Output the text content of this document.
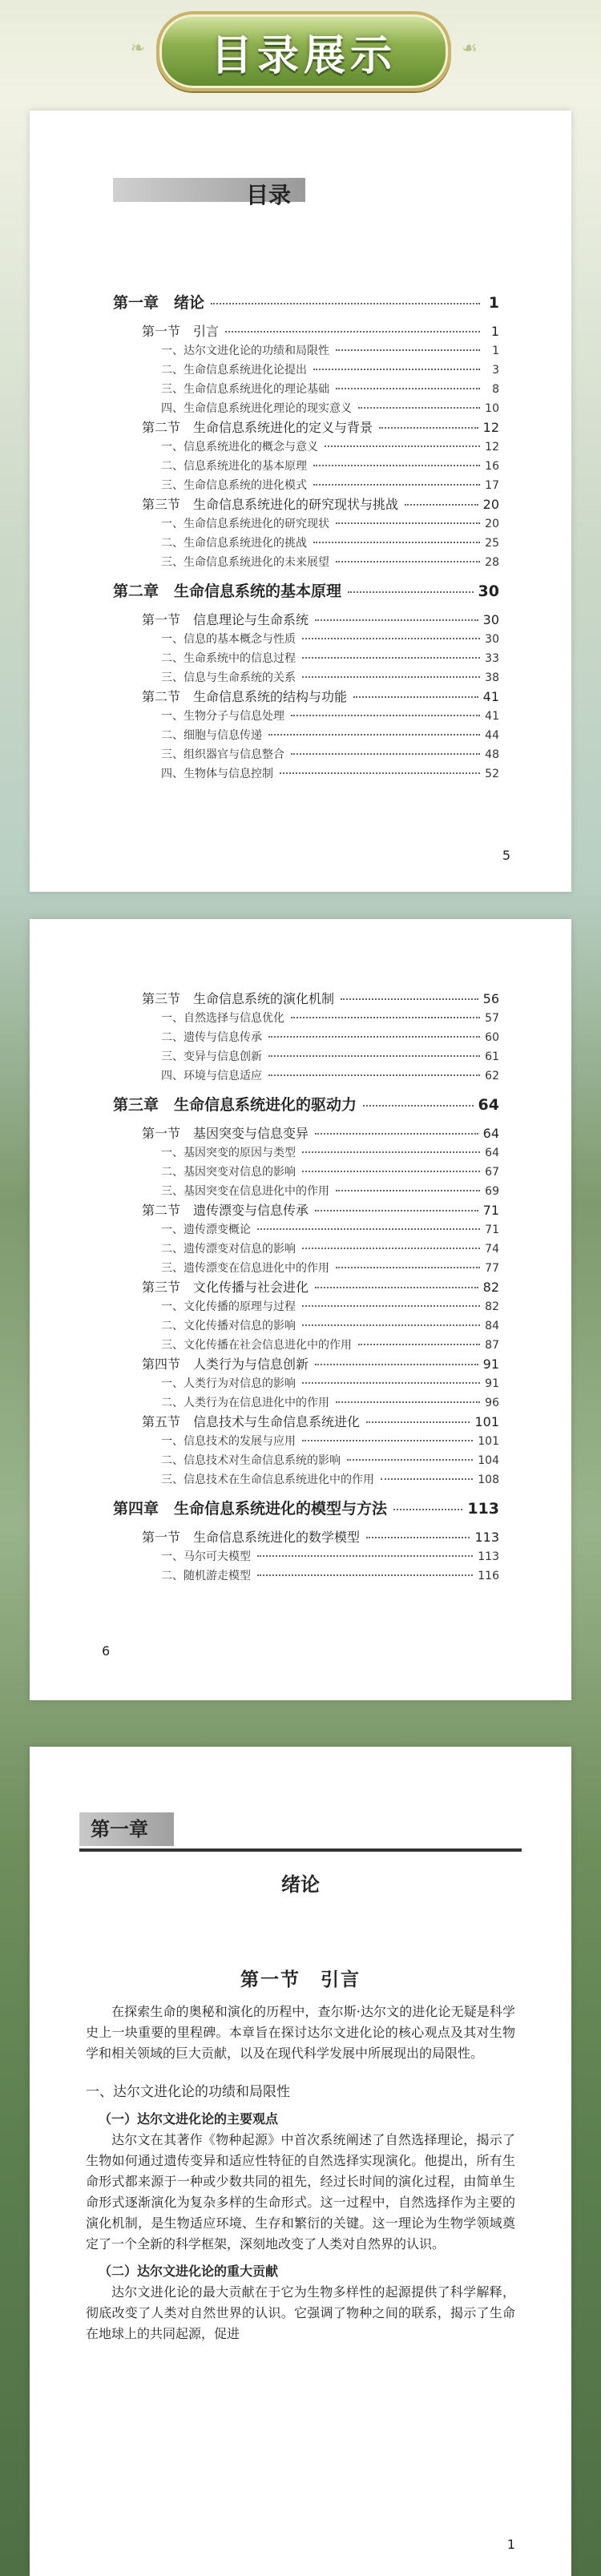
❧ 目录展示	☙
目录
第一章　绪论	1
第一节　引言	1
一、达尔文进化论的功绩和局限性	1
二、生命信息系统进化论提出	3
三、生命信息系统进化的理论基础	8
四、生命信息系统进化理论的现实意义	10
第二节　生命信息系统进化的定义与背景	12
一、信息系统进化的概念与意义	12
二、信息系统进化的基本原理	16
三、生命信息系统的进化模式	17
第三节　生命信息系统进化的研究现状与挑战	20
一、生命信息系统进化的研究现状	20
二、生命信息系统进化的挑战	25
三、生命信息系统进化的未来展望	28
第二章　生命信息系统的基本原理	30
第一节　信息理论与生命系统	30
一、信息的基本概念与性质	30
二、生命系统中的信息过程	33
三、信息与生命系统的关系	38
第二节　生命信息系统的结构与功能	41
一、生物分子与信息处理	41
二、细胞与信息传递	44
三、组织器官与信息整合	48
四、生物体与信息控制	52
5
第三节　生命信息系统的演化机制	56
一、自然选择与信息优化	57
二、遗传与信息传承	60
三、变异与信息创新	61
四、环境与信息适应	62
第三章　生命信息系统进化的驱动力	64
第一节　基因突变与信息变异	64
一、基因突变的原因与类型	64
二、基因突变对信息的影响	67
三、基因突变在信息进化中的作用	69
第二节　遗传漂变与信息传承	71
一、遗传漂变概论	71
二、遗传漂变对信息的影响	74
三、遗传漂变在信息进化中的作用	77
第三节　文化传播与社会进化	82
一、文化传播的原理与过程	82
二、文化传播对信息的影响	84
三、文化传播在社会信息进化中的作用	87
第四节　人类行为与信息创新	91
一、人类行为对信息的影响	91
二、人类行为在信息进化中的作用	96
第五节　信息技术与生命信息系统进化	101
一、信息技术的发展与应用	101
二、信息技术对生命信息系统的影响	104
三、信息技术在生命信息系统进化中的作用	108
第四章　生命信息系统进化的模型与方法	113
第一节　生命信息系统进化的数学模型	113
一、马尔可夫模型	113
二、随机游走模型	116
6
第一章
绪论
第一节　引言

在探索生命的奥秘和演化的历程中，查尔斯·达尔文的进化论无疑是科学史上一块重要的里程碑。本章旨在探讨达尔文进化论的核心观点及其对生物学和相关领域的巨大贡献，以及在现代科学发展中所展现出的局限性。

一、达尔文进化论的功绩和局限性

（一）达尔文进化论的主要观点

达尔文在其著作《物种起源》中首次系统阐述了自然选择理论，揭示了生物如何通过遗传变异和适应性特征的自然选择实现演化。他提出，所有生命形式都来源于一种或少数共同的祖先，经过长时间的演化过程，由简单生命形式逐渐演化为复杂多样的生命形式。这一过程中，自然选择作为主要的演化机制，是生物适应环境、生存和繁衍的关键。这一理论为生物学领域奠定了一个全新的科学框架，深刻地改变了人类对自然界的认识。

（二）达尔文进化论的重大贡献

达尔文进化论的最大贡献在于它为生物多样性的起源提供了科学解释，彻底改变了人类对自然世界的认识。它强调了物种之间的联系，揭示了生命在地球上的共同起源，促进

1
